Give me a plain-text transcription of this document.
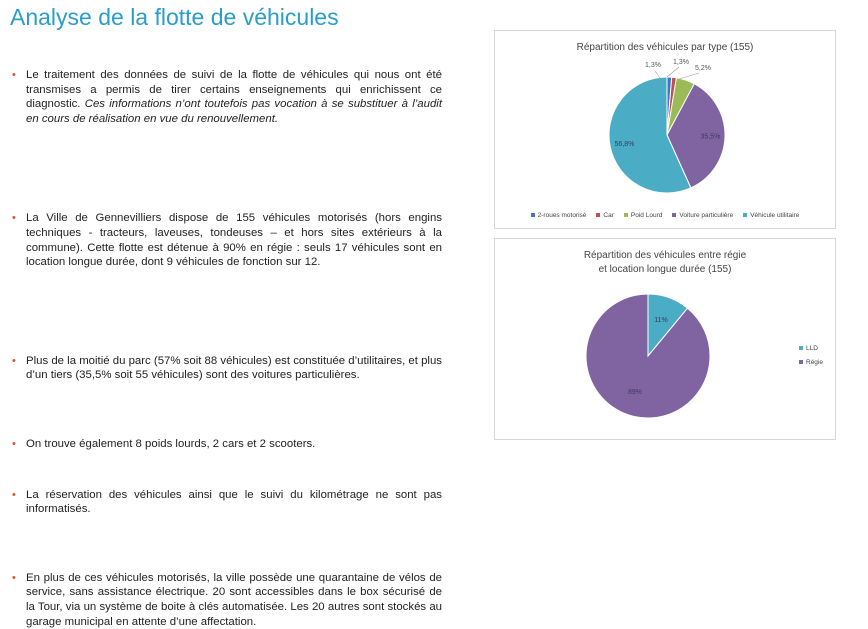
Analyse de la flotte de véhicules
• Le traitement des données de suivi de la flotte de véhicules qui nous ont été transmises a permis de tirer certains enseignements qui enrichissent ce diagnostic. Ces informations n’ont toutefois pas vocation à se substituer à l’audit en cours de réalisation en vue du renouvellement.
• La Ville de Gennevilliers dispose de 155 véhicules motorisés (hors engins techniques - tracteurs, laveuses, tondeuses – et hors sites extérieurs à la commune). Cette flotte est détenue à 90% en régie : seuls 17 véhicules sont en location longue durée, dont 9 véhicules de fonction sur 12.
• Plus de la moitié du parc (57% soit 88 véhicules) est constituée d’utilitaires, et plus d’un tiers (35,5% soit 55 véhicules) sont des voitures particulières.
• On trouve également 8 poids lourds, 2 cars et 2 scooters.
• La réservation des véhicules ainsi que le suivi du kilométrage ne sont pas informatisés.
• En plus de ces véhicules motorisés, la ville possède une quarantaine de vélos de service, sans assistance électrique. 20 sont accessibles dans le box sécurisé de la Tour, via un système de boite à clés automatisée. Les 20 autres sont stockés au garage municipal en attente d’une affectation.
Répartition des véhicules par type (155)
1,3% 1,3%
5,2%
35,5%
56,8%
2-roues motorisé	Car	Poid Lourd	Voiture particulière	Véhicule utilitaire
Répartition des véhicules entre régie
et location longue durée (155)
11%
89%
LLD
Régie
